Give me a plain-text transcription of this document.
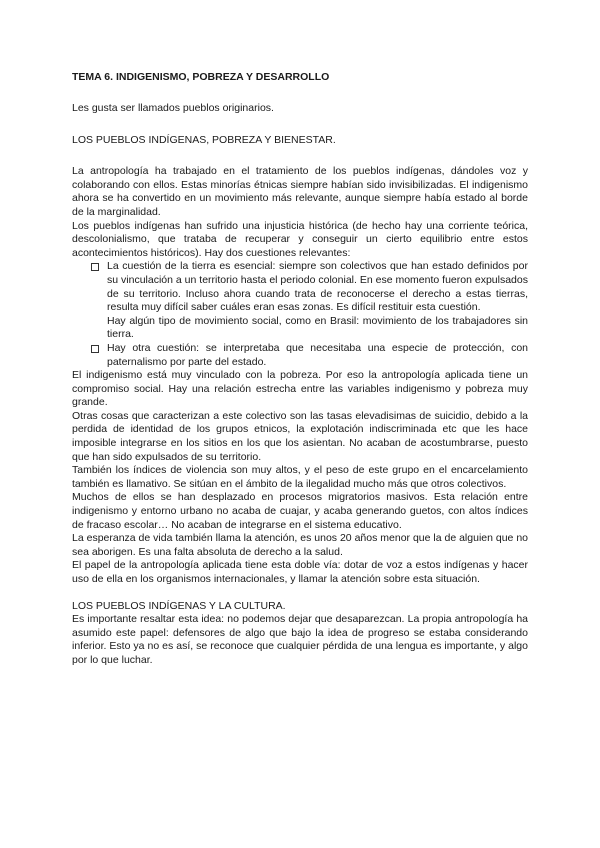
TEMA 6. INDIGENISMO, POBREZA Y DESARROLLO

Les gusta ser llamados pueblos originarios.

LOS PUEBLOS INDÍGENAS, POBREZA Y BIENESTAR.

La antropología ha trabajado en el tratamiento de los pueblos indígenas, dándoles voz y colaborando con ellos. Estas minorías étnicas siempre habían sido invisibilizadas. El indigenismo ahora se ha convertido en un movimiento más relevante, aunque siempre había estado al borde de la marginalidad.

Los pueblos indígenas han sufrido una injusticia histórica (de hecho hay una corriente teórica, descolonialismo, que trataba de recuperar y conseguir un cierto equilibrio entre estos acontecimientos históricos). Hay dos cuestiones relevantes:

La cuestión de la tierra es esencial: siempre son colectivos que han estado definidos por su vinculación a un territorio hasta el periodo colonial. En ese momento fueron expulsados de su territorio. Incluso ahora cuando trata de reconocerse el derecho a estas tierras, resulta muy difícil saber cuáles eran esas zonas. Es difícil restituir esta cuestión.

Hay algún tipo de movimiento social, como en Brasil: movimiento de los trabajadores sin tierra.

Hay otra cuestión: se interpretaba que necesitaba una especie de protección, con paternalismo por parte del estado.

El indigenismo está muy vinculado con la pobreza. Por eso la antropología aplicada tiene un compromiso social. Hay una relación estrecha entre las variables indigenismo y pobreza muy grande.

Otras cosas que caracterizan a este colectivo son las tasas elevadisimas de suicidio, debido a la perdida de identidad de los grupos etnicos, la explotación indiscriminada etc que les hace imposible integrarse en los sitios en los que los asientan. No acaban de acostumbrarse, puesto que han sido expulsados de su territorio.

También los índices de violencia son muy altos, y el peso de este grupo en el encarcelamiento también es llamativo. Se sitúan en el ámbito de la ilegalidad mucho más que otros colectivos.

Muchos de ellos se han desplazado en procesos migratorios masivos. Esta relación entre indigenismo y entorno urbano no acaba de cuajar, y acaba generando guetos, con altos índices de fracaso escolar… No acaban de integrarse en el sistema educativo.

La esperanza de vida también llama la atención, es unos 20 años menor que la de alguien que no sea aborigen. Es una falta absoluta de derecho a la salud.

El papel de la antropología aplicada tiene esta doble vía: dotar de voz a estos indígenas y hacer uso de ella en los organismos internacionales, y llamar la atención sobre esta situación.

LOS PUEBLOS INDÍGENAS Y LA CULTURA.

Es importante resaltar esta idea: no podemos dejar que desaparezcan. La propia antropología ha asumido este papel: defensores de algo que bajo la idea de progreso se estaba considerando inferior. Esto ya no es así, se reconoce que cualquier pérdida de una lengua es importante, y algo por lo que luchar.
